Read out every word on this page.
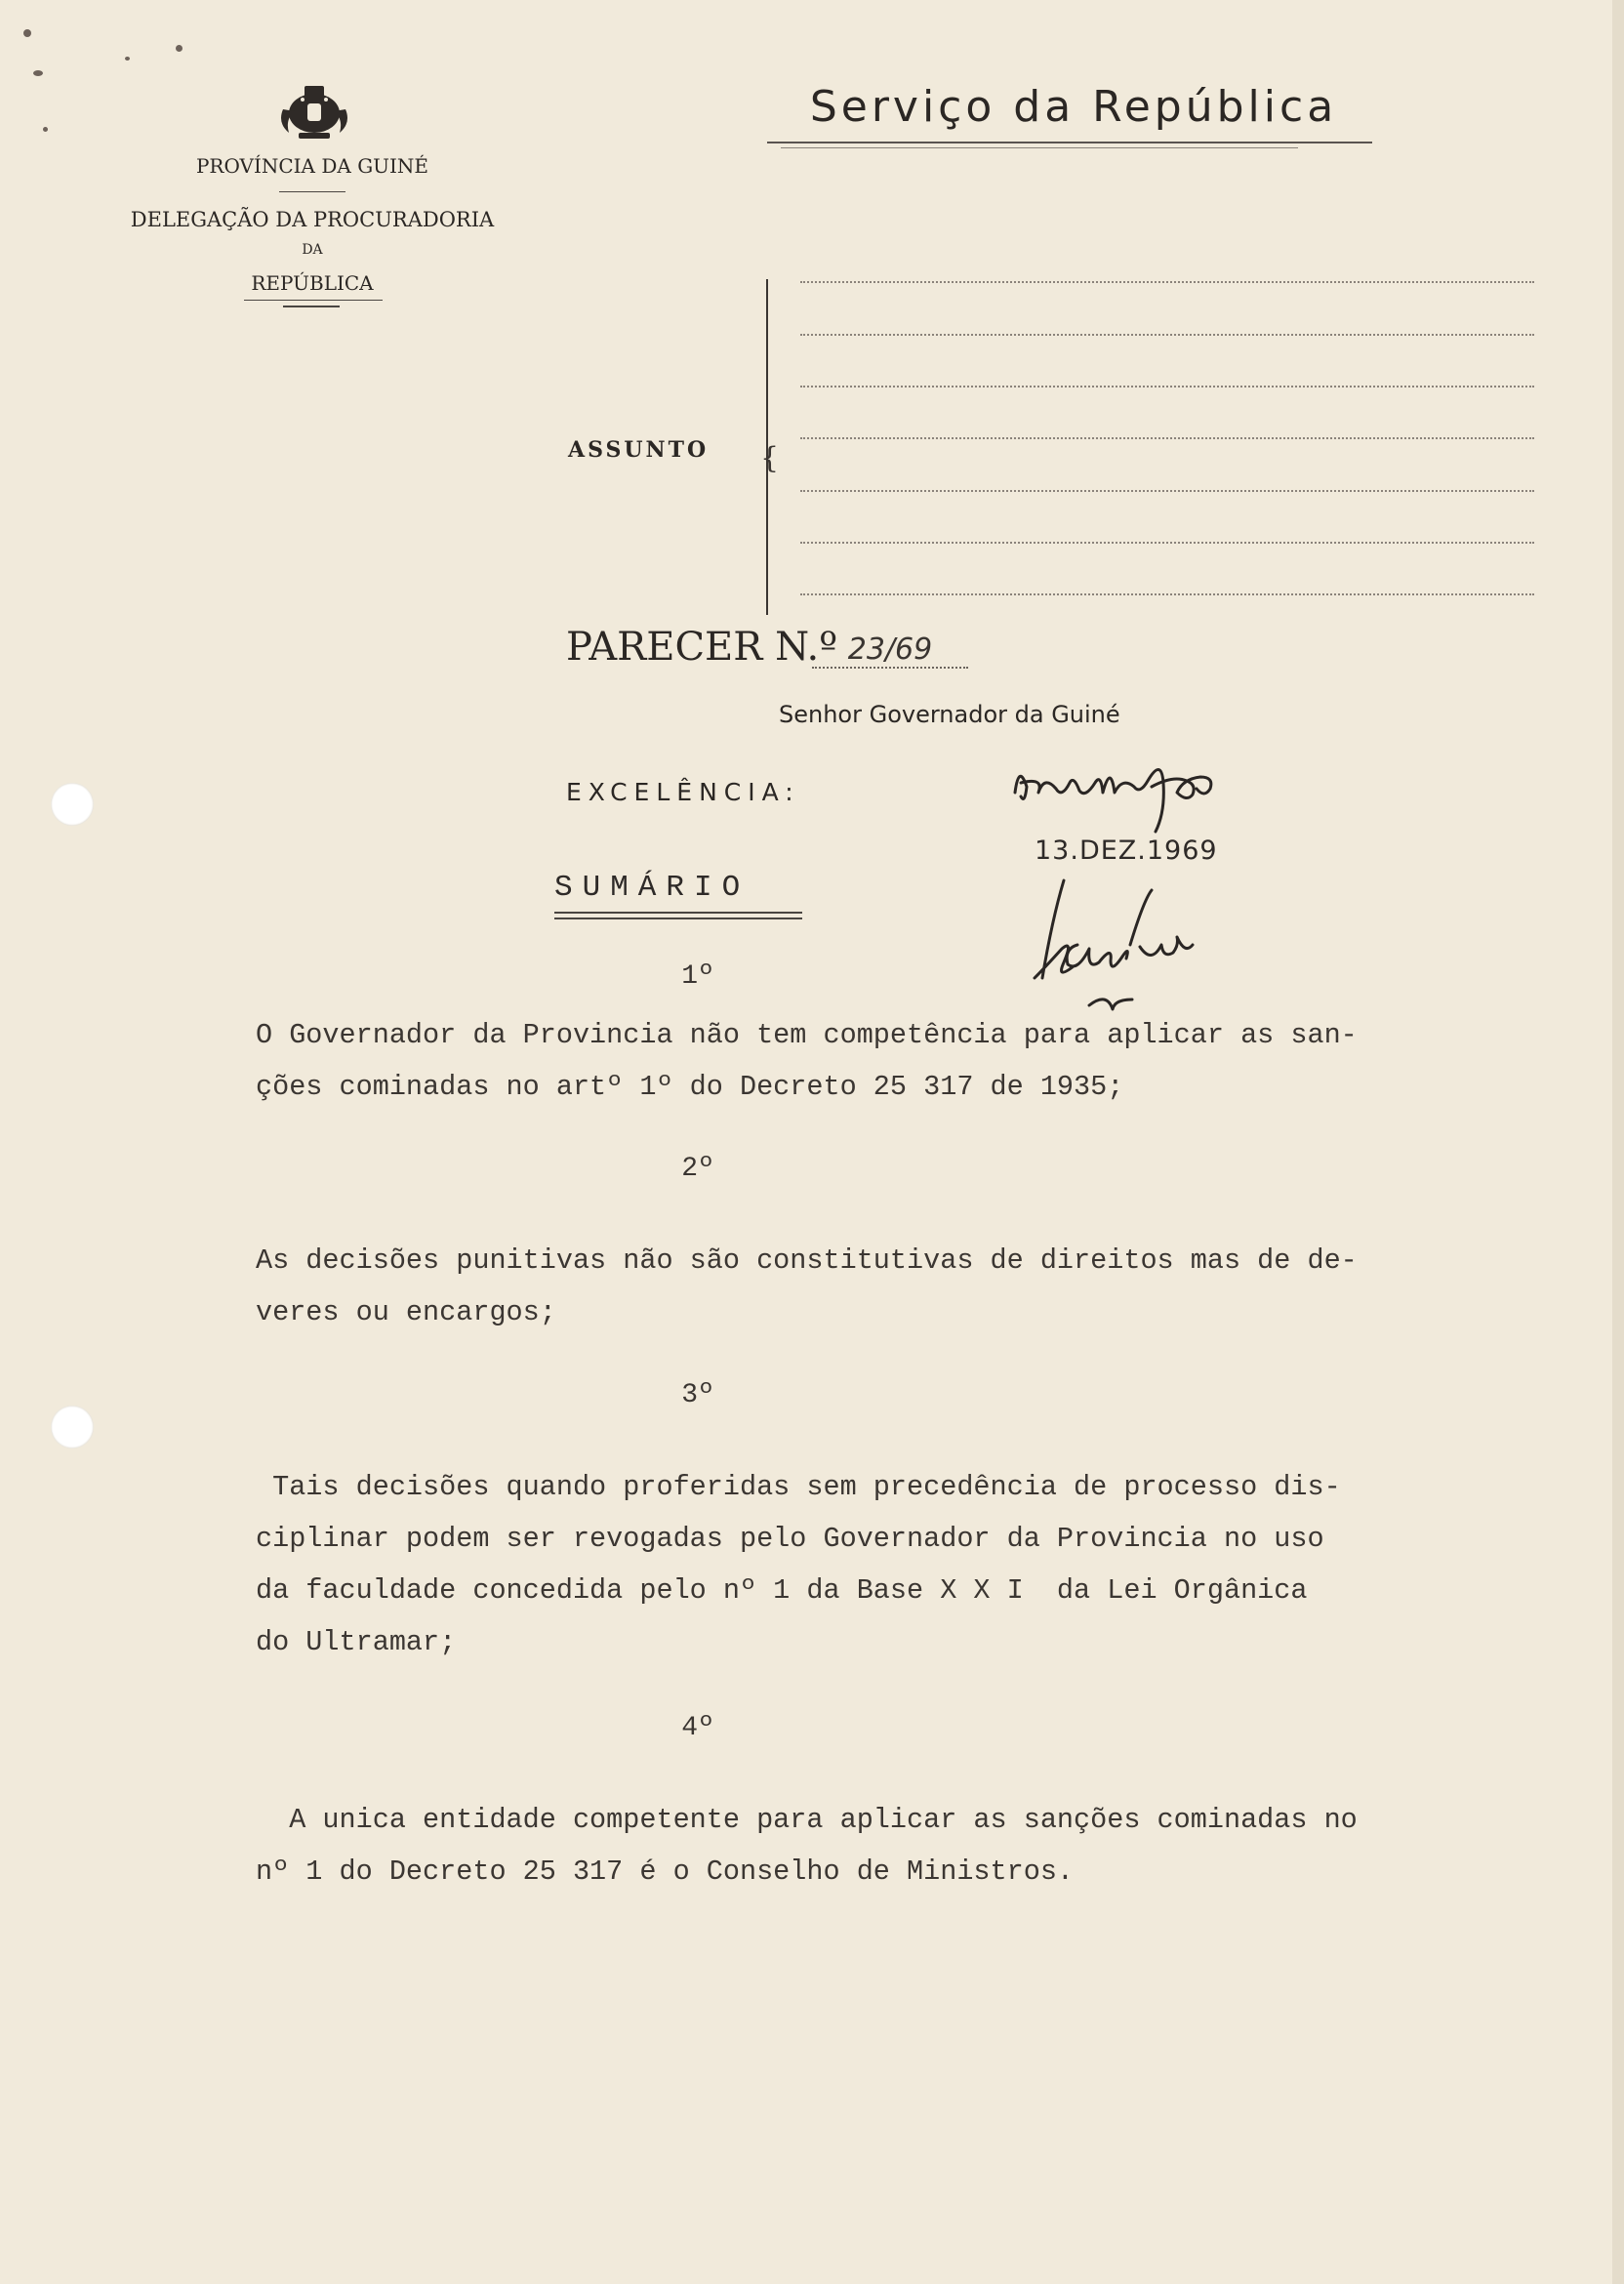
PROVÍNCIA DA GUINÉ
DELEGAÇÃO DA PROCURADORIA
DA
REPÚBLICA
Serviço da República
{
ASSUNTO
PARECER N.º 23/69
Senhor Governador da Guiné
EXCELÊNCIA:
13.DEZ.1969
SUMÁRIO
1º
O Governador da Provincia não tem competência para aplicar as san-
ções cominadas no artº 1º do Decreto 25 317 de 1935;
2º
As decisões punitivas não são constitutivas de direitos mas de de-
veres ou encargos;
3º
Tais decisões quando proferidas sem precedência de processo dis-
ciplinar podem ser revogadas pelo Governador da Provincia no uso
da faculdade concedida pelo nº 1 da Base X X I  da Lei Orgânica
do Ultramar;
4º
A unica entidade competente para aplicar as sanções cominadas no
nº 1 do Decreto 25 317 é o Conselho de Ministros.
